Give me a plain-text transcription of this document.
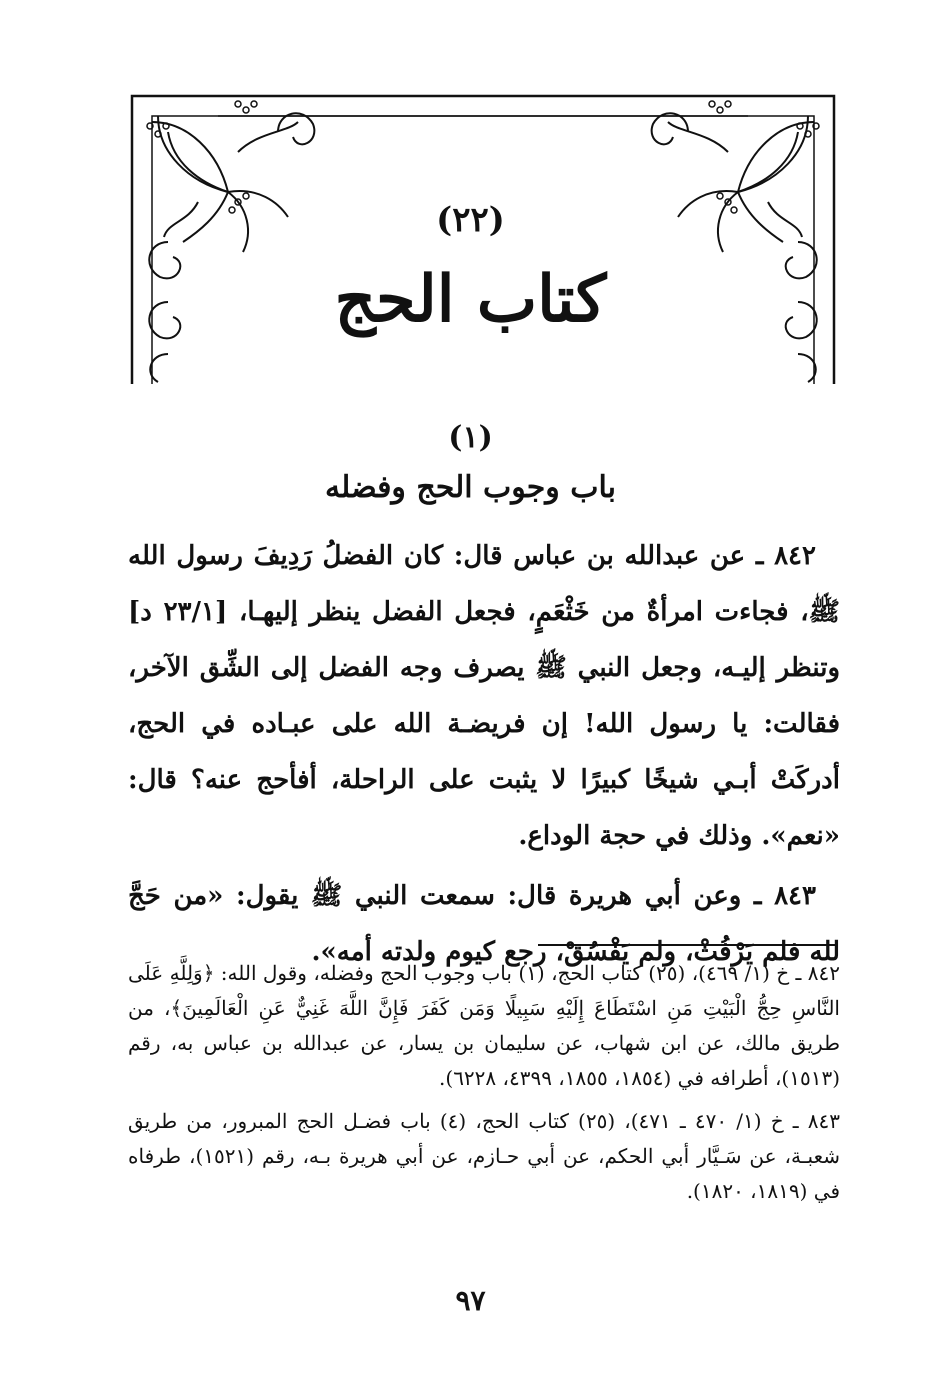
(٢٢)
كتاب الحج
(١)
باب وجوب الحج وفضله

٨٤٢ ـ عن عبدالله بن عباس قال: كان الفضلُ رَدِيفَ رسول الله ﷺ، فجاءت امرأةٌ من خَثْعَمٍ، فجعل الفضل ينظر إليهـا، [٢٣/١ د] وتنظر إليـه، وجعل النبي ﷺ يصرف وجه الفضل إلى الشِّق الآخر، فقالت: يا رسول الله! إن فريضـة الله على عبـاده في الحج، أدركَتْ أبـي شيخًا كبيرًا لا يثبت على الراحلة، أفأحج عنه؟ قال: «نعم». وذلك في حجة الوداع.

٨٤٣ ـ وعن أبي هريرة قال: سمعت النبي ﷺ يقول: «من حَجَّ لله فلم يَرْفُثْ، ولم يَفْسُقْ، رجع كيوم ولدته أمه».

٨٤٢ ـ خ (١/ ٤٦٩)، (٢٥) كتاب الحج، (١) باب وجوب الحج وفضله، وقول الله: ﴿وَلِلَّهِ عَلَى النَّاسِ حِجُّ الْبَيْتِ مَنِ اسْتَطَاعَ إِلَيْهِ سَبِيلًا وَمَن كَفَرَ فَإِنَّ اللَّهَ غَنِيٌّ عَنِ الْعَالَمِينَ﴾، من طريق مالك، عن ابن شهاب، عن سليمان بن يسار، عن عبدالله بن عباس به، رقم (١٥١٣)، أطرافه في (١٨٥٤، ١٨٥٥، ٤٣٩٩، ٦٢٢٨).

٨٤٣ ـ خ (١/ ٤٧٠ ـ ٤٧١)، (٢٥) كتاب الحج، (٤) باب فضـل الحج المبرور، من طريق شعبـة، عن سَـيَّار أبي الحكم، عن أبي حـازم، عن أبي هريرة بـه، رقم (١٥٢١)، طرفاه في (١٨١٩، ١٨٢٠).

٩٧
